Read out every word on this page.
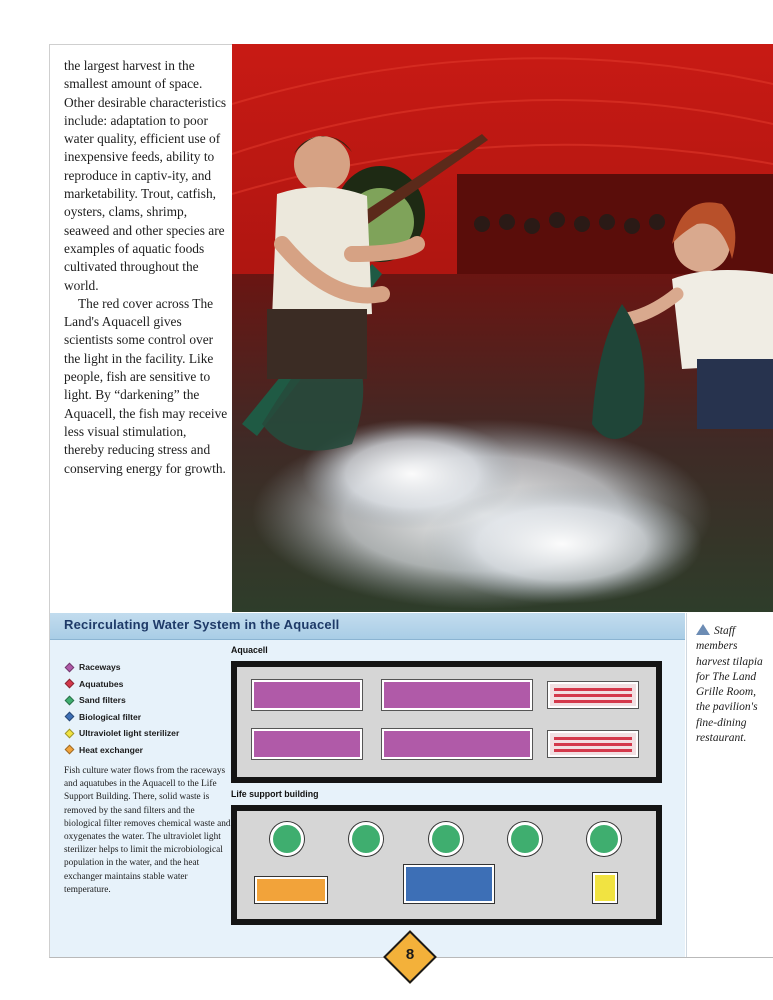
the largest harvest in the smallest amount of space. Other desirable characteristics include: adaptation to poor water quality, efficient use of inexpensive feeds, ability to reproduce in captiv-ity, and marketability. Trout, catfish, oysters, clams, shrimp, seaweed and other species are examples of aquatic foods cultivated throughout the world.

The red cover across The Land's Aquacell gives scientists some control over the light in the facility. Like people, fish are sensitive to light. By “darkening” the Aquacell, the fish may receive less visual stimulation, thereby reducing stress and conserving energy for growth.

Recirculating Water System in the Aquacell
Raceways
Aquatubes
Sand filters
Biological filter
Ultraviolet light sterilizer
Heat exchanger
Fish culture water flows from the raceways and aquatubes in the Aquacell to the Life Support Building. There, solid waste is removed by the sand filters and the biological filter removes chemical waste and oxygenates the water. The ultraviolet light sterilizer helps to limit the microbiological population in the water, and the heat exchanger maintains stable water temperature.
Aquacell
Life support building
Staff members harvest tilapia for The Land Grille Room, the pavilion's fine-dining restaurant.
8
